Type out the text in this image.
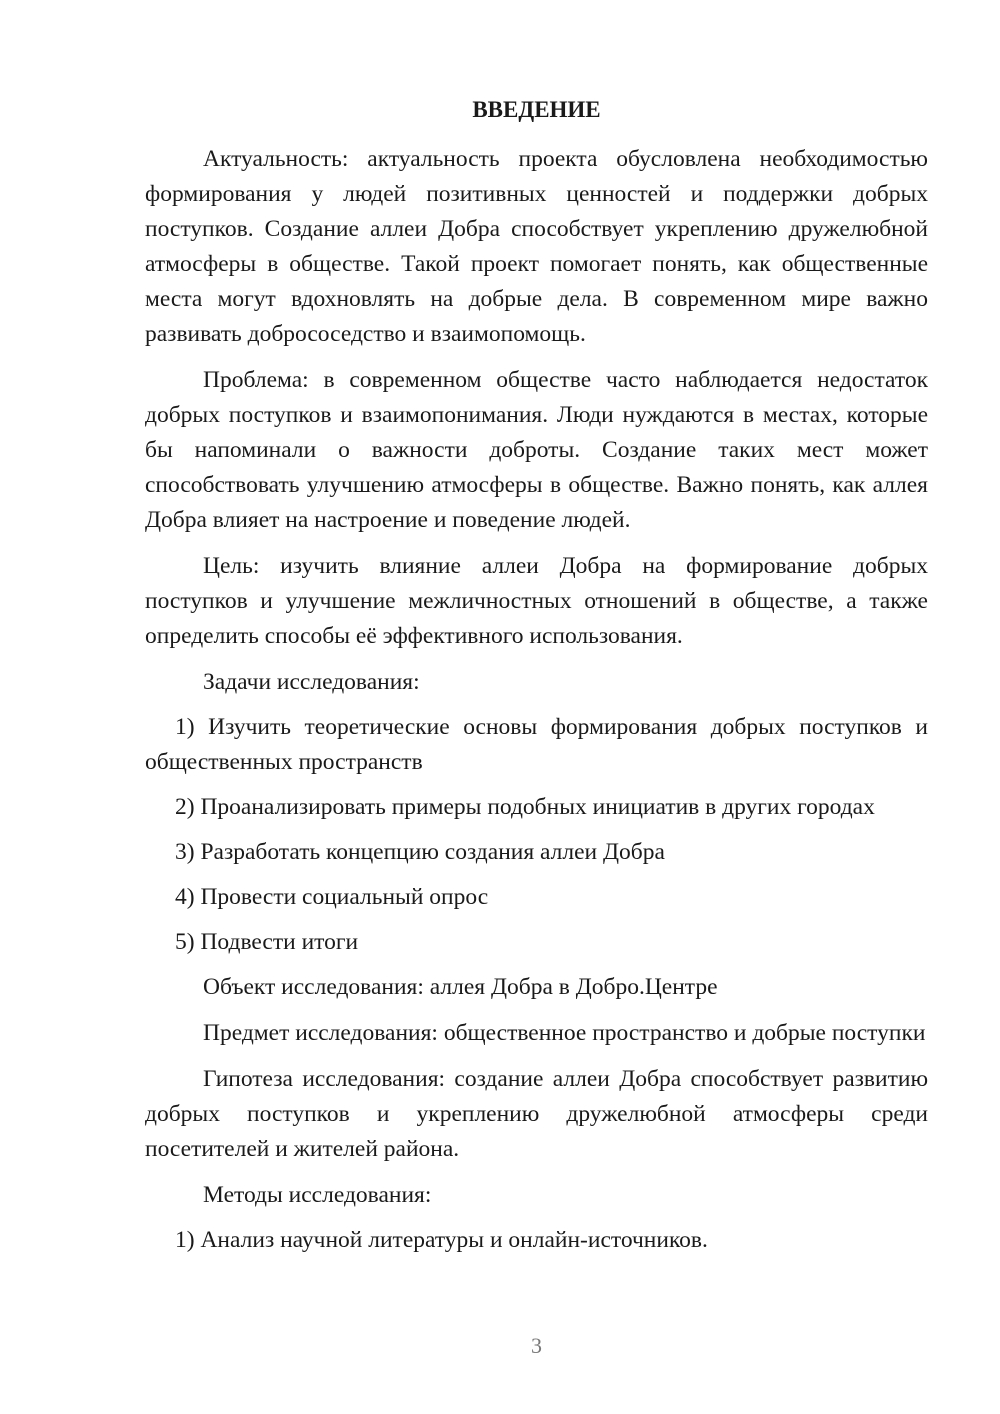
ВВЕДЕНИЕ

Актуальность: актуальность проекта обусловлена необходимостью формирования у людей позитивных ценностей и поддержки добрых поступков. Создание аллеи Добра способствует укреплению дружелюбной атмосферы в обществе. Такой проект помогает понять, как общественные места могут вдохновлять на добрые дела. В современном мире важно развивать добрососедство и взаимопомощь.

Проблема: в современном обществе часто наблюдается недостаток добрых поступков и взаимопонимания. Люди нуждаются в местах, которые бы напоминали о важности доброты. Создание таких мест может способствовать улучшению атмосферы в обществе. Важно понять, как аллея Добра влияет на настроение и поведение людей.

Цель: изучить влияние аллеи Добра на формирование добрых поступков и улучшение межличностных отношений в обществе, а также определить способы её эффективного использования.

Задачи исследования:

1) Изучить теоретические основы формирования добрых поступков и общественных пространств

2) Проанализировать примеры подобных инициатив в других городах

3) Разработать концепцию создания аллеи Добра

4) Провести социальный опрос

5) Подвести итоги

Объект исследования: аллея Добра в Добро.Центре

Предмет исследования: общественное пространство и добрые поступки

Гипотеза исследования: создание аллеи Добра способствует развитию добрых поступков и укреплению дружелюбной атмосферы среди посетителей и жителей района.

Методы исследования:

1) Анализ научной литературы и онлайн-источников.

3
